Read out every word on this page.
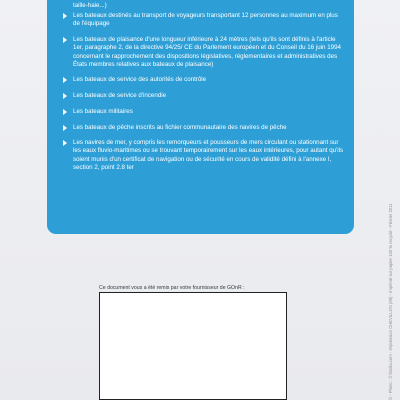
taille-haie...)
Les bateaux destinés au transport de voyageurs transportant 12 personnes au maximum en plus de l'équipage
Les bateaux de plaisance d'une longueur inférieure à 24 mètres (tels qu'ils sont définis à l'article 1er, paragraphe 2, de la directive 94/25/ CE du Parlement européen et du Conseil du 16 juin 1994 concernant le rapprochement des dispositions législatives, réglementaires et administratives des États membres relatives aux bateaux de plaisance)
Les bateaux de service des autorités de contrôle
Les bateaux de service d'incendie
Les bateaux militaires
Les bateaux de pêche inscrits au fichier communautaire des navires de pêche
Les navires de mer, y compris les remorqueurs et pousseurs de mers circulant ou stationnant sur les eaux fluvio-maritimes ou se trouvant temporairement sur les eaux intérieures, pour autant qu'ils soient munis d'un certificat de navigation ou de sécurité en cours de validité défini à l'annexe I, section 2, point 2.8 ter
Ce document vous a été remis par votre fournisseur de GOnR :	© - Photo : © fotolia.com - Impression CHEVILLON (89) - Imprimé sur papier 100 % recyclé - Février 2011
